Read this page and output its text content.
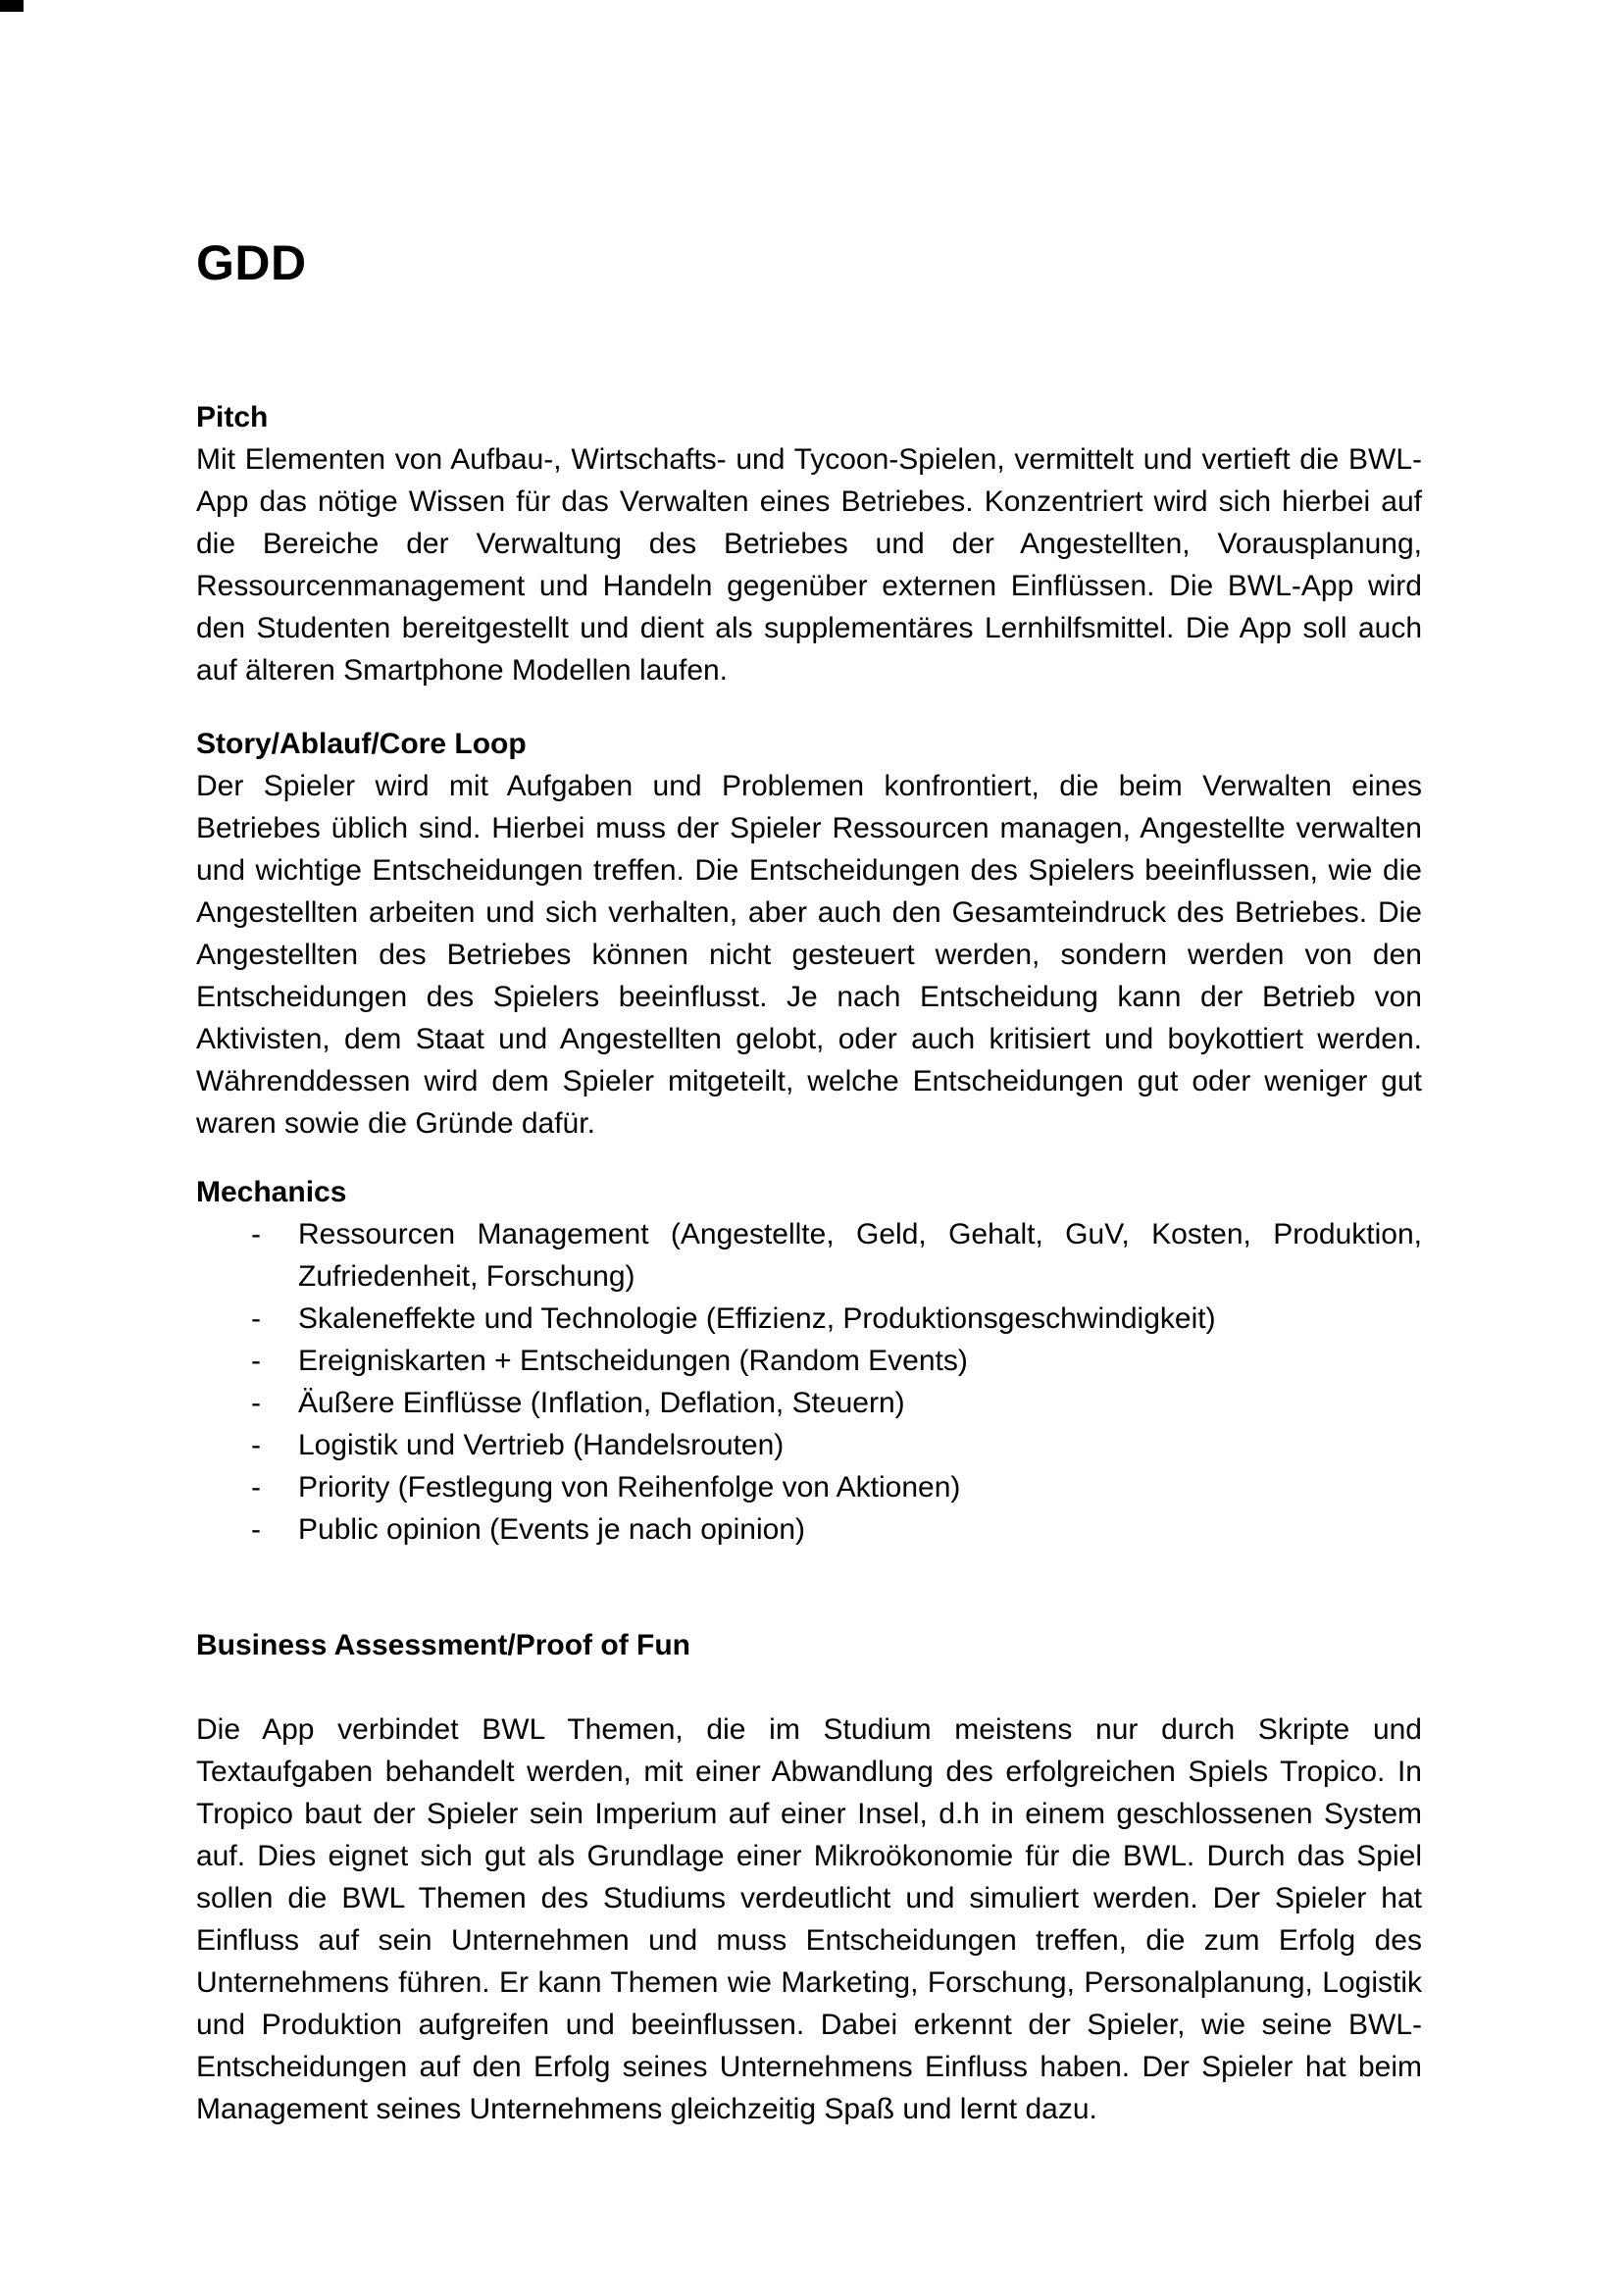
GDD
Pitch

Mit Elementen von Aufbau-, Wirtschafts- und Tycoon-Spielen, vermittelt und vertieft die BWL- App das nötige Wissen für das Verwalten eines Betriebes. Konzentriert wird sich hierbei auf die Bereiche der Verwaltung des Betriebes und der Angestellten, Vorausplanung, Ressourcenmanagement und Handeln gegenüber externen Einflüssen. Die BWL-App wird den Studenten bereitgestellt und dient als supplementäres Lernhilfsmittel. Die App soll auch auf älteren Smartphone Modellen laufen.

Story/Ablauf/Core Loop

Der Spieler wird mit Aufgaben und Problemen konfrontiert, die beim Verwalten eines Betriebes üblich sind. Hierbei muss der Spieler Ressourcen managen, Angestellte verwalten und wichtige Entscheidungen treffen. Die Entscheidungen des Spielers beeinflussen, wie die Angestellten arbeiten und sich verhalten, aber auch den Gesamteindruck des Betriebes. Die Angestellten des Betriebes können nicht gesteuert werden, sondern werden von den Entscheidungen des Spielers beeinflusst. Je nach Entscheidung kann der Betrieb von Aktivisten, dem Staat und Angestellten gelobt, oder auch kritisiert und boykottiert werden. Währenddessen wird dem Spieler mitgeteilt, welche Entscheidungen gut oder weniger gut waren sowie die Gründe dafür.

Mechanics
- Ressourcen Management (Angestellte, Geld, Gehalt, GuV, Kosten, Produktion, Zufriedenheit, Forschung)
- Skaleneffekte und Technologie (Effizienz, Produktionsgeschwindigkeit)
- Ereigniskarten + Entscheidungen (Random Events)
- Äußere Einflüsse (Inflation, Deflation, Steuern)
- Logistik und Vertrieb (Handelsrouten)
- Priority (Festlegung von Reihenfolge von Aktionen)
- Public opinion (Events je nach opinion)
Business Assessment/Proof of Fun

Die App verbindet BWL Themen, die im Studium meistens nur durch Skripte und Textaufgaben behandelt werden, mit einer Abwandlung des erfolgreichen Spiels Tropico. In Tropico baut der Spieler sein Imperium auf einer Insel, d.h in einem geschlossenen System auf. Dies eignet sich gut als Grundlage einer Mikroökonomie für die BWL. Durch das Spiel sollen die BWL Themen des Studiums verdeutlicht und simuliert werden. Der Spieler hat Einfluss auf sein Unternehmen und muss Entscheidungen treffen, die zum Erfolg des Unternehmens führen. Er kann Themen wie Marketing, Forschung, Personalplanung, Logistik und Produktion aufgreifen und beeinflussen. Dabei erkennt der Spieler, wie seine BWL-Entscheidungen auf den Erfolg seines Unternehmens Einfluss haben. Der Spieler hat beim Management seines Unternehmens gleichzeitig Spaß und lernt dazu.
